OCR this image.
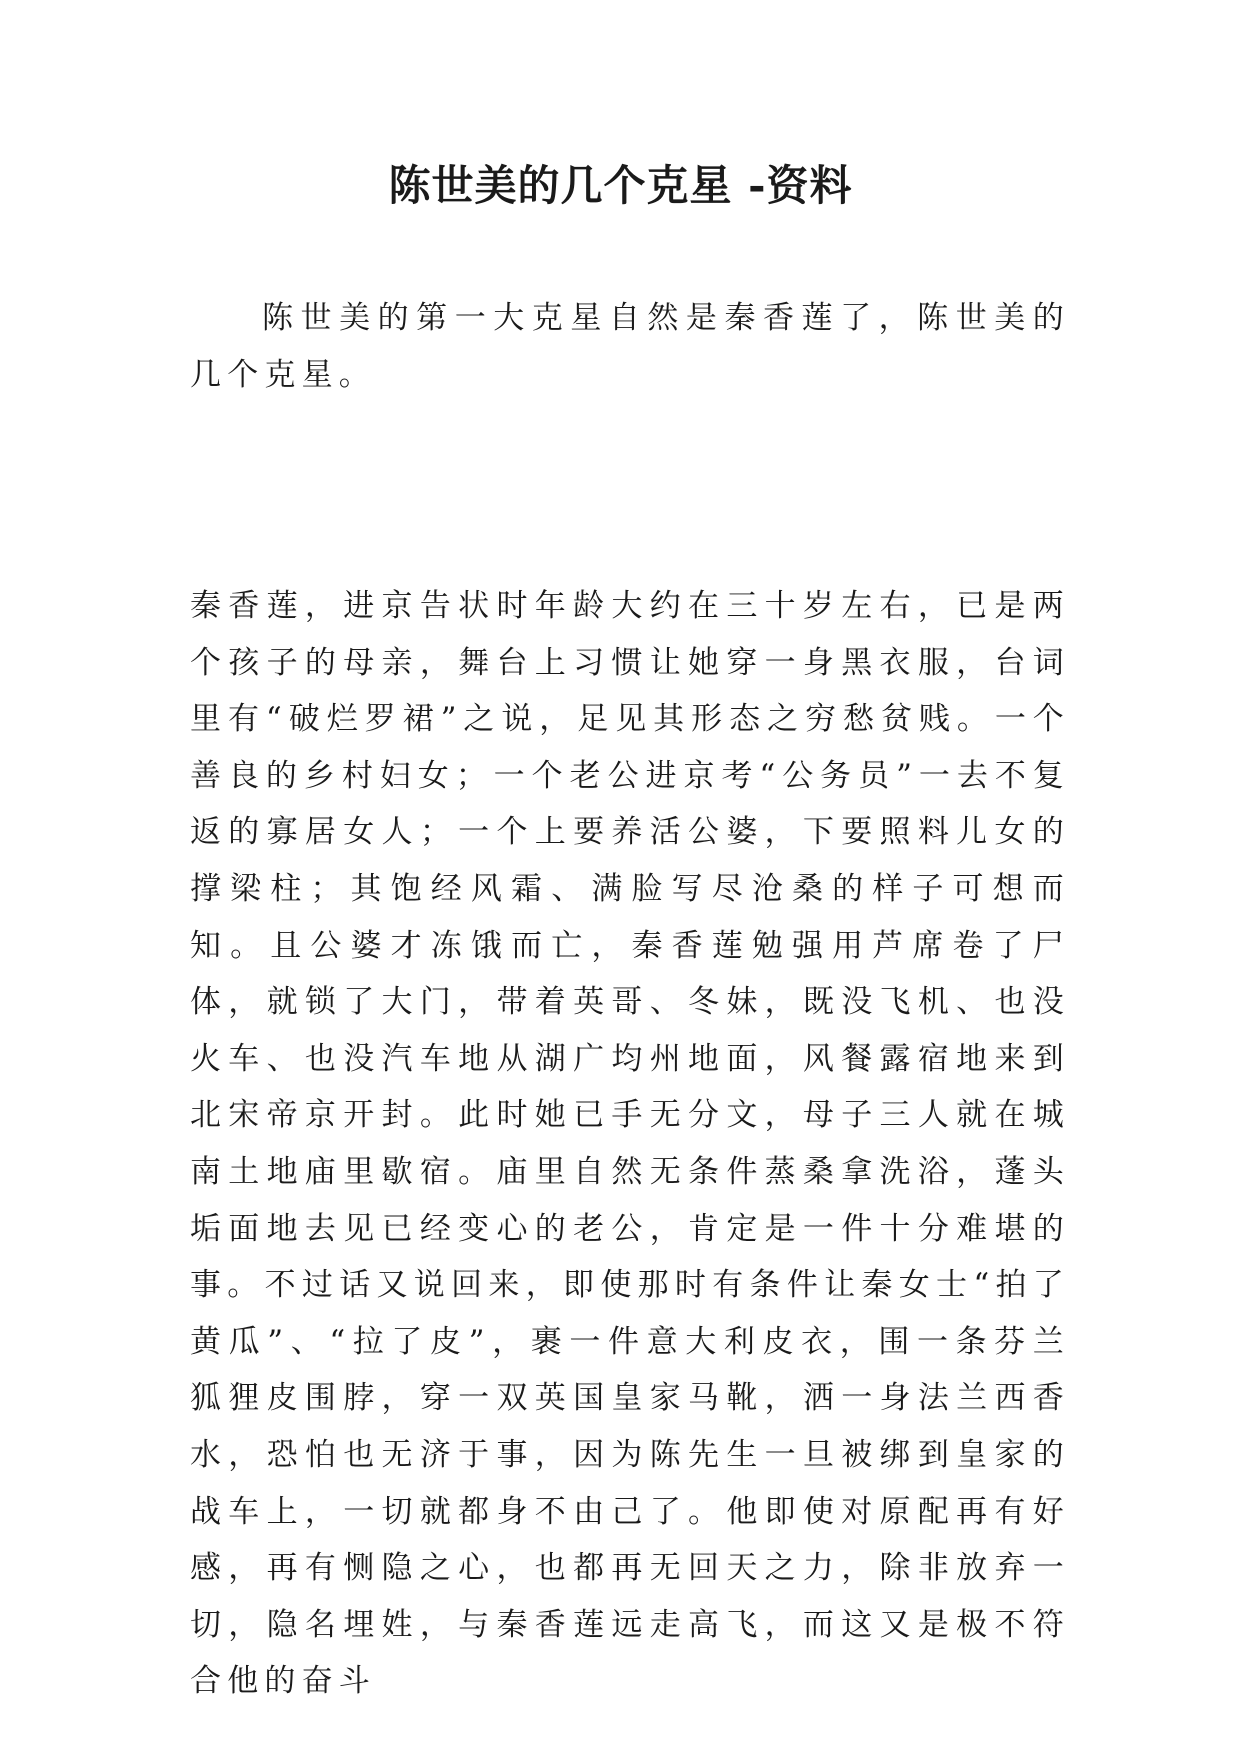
陈世美的几个克星 -资料

陈世美的第一大克星自然是秦香莲了，陈世美的几个克星。

秦香莲，进京告状时年龄大约在三十岁左右，已是两个孩子的母亲，舞台上习惯让她穿一身黑衣服，台词里有“破烂罗裙”之说，足见其形态之穷愁贫贱。一个善良的乡村妇女；一个老公进京考“公务员”一去不复返的寡居女人；一个上要养活公婆，下要照料儿女的撑梁柱；其饱经风霜、满脸写尽沧桑的样子可想而知。且公婆才冻饿而亡，秦香莲勉强用芦席卷了尸体，就锁了大门，带着英哥、冬妹，既没飞机、也没火车、也没汽车地从湖广均州地面，风餐露宿地来到北宋帝京开封。此时她已手无分文，母子三人就在城南土地庙里歇宿。庙里自然无条件蒸桑拿洗浴，蓬头垢面地去见已经变心的老公，肯定是一件十分难堪的事。不过话又说回来，即使那时有条件让秦女士“拍了黄瓜”、“拉了皮”，裹一件意大利皮衣，围一条芬兰狐狸皮围脖，穿一双英国皇家马靴，洒一身法兰西香水，恐怕也无济于事，因为陈先生一旦被绑到皇家的战车上，一切就都身不由己了。他即使对原配再有好感，再有恻隐之心，也都再无回天之力，除非放弃一切，隐名埋姓，与秦香莲远走高飞，而这又是极不符合他的奋斗
